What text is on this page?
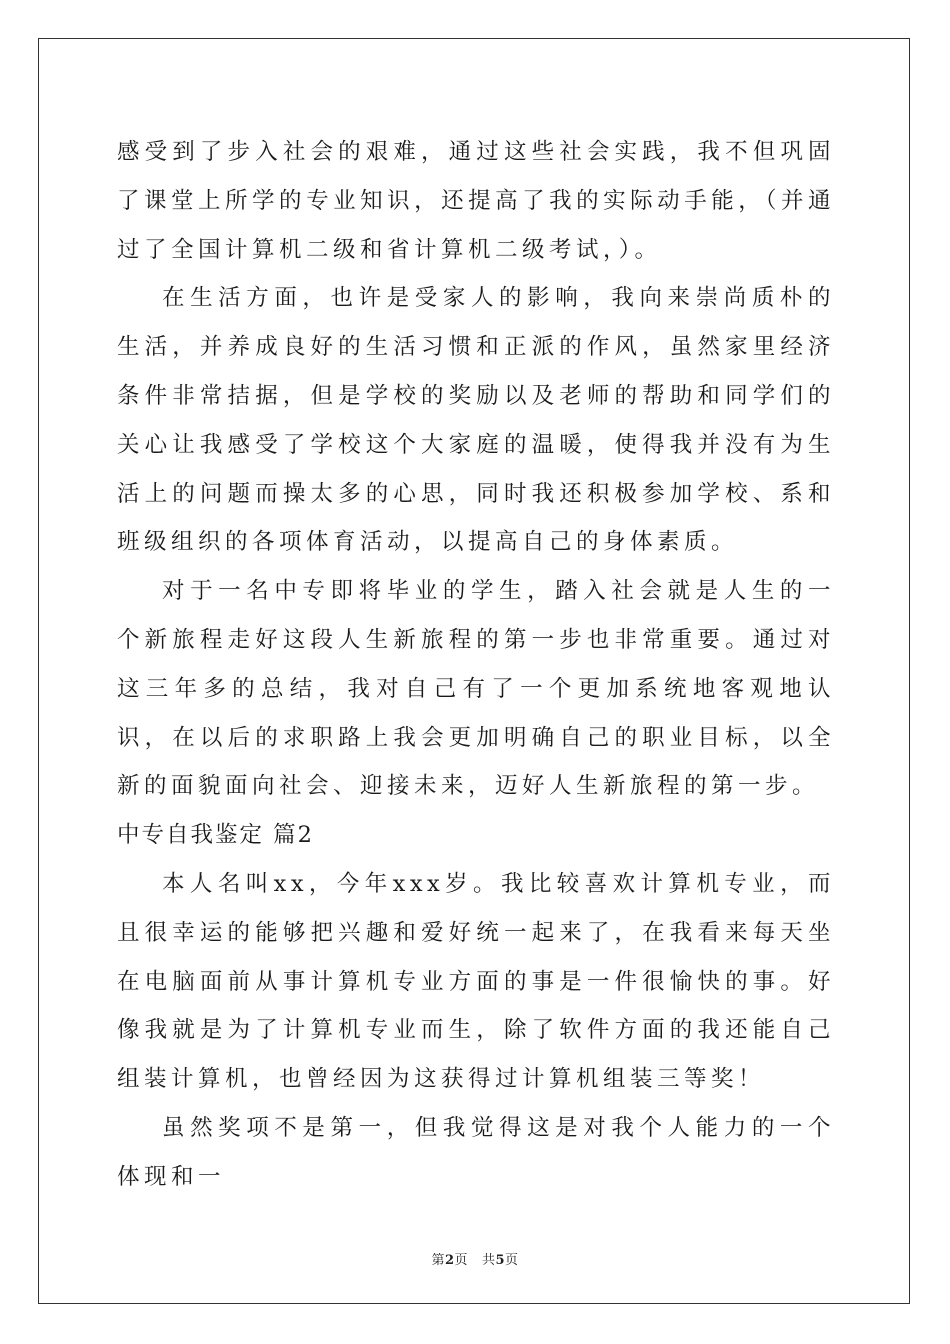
感受到了步入社会的艰难，通过这些社会实践，我不但巩固了课堂上所学的专业知识，还提高了我的实际动手能，（并通过了全国计算机二级和省计算机二级考试，）。

在生活方面，也许是受家人的影响，我向来崇尚质朴的生活，并养成良好的生活习惯和正派的作风，虽然家里经济条件非常拮据，但是学校的奖励以及老师的帮助和同学们的关心让我感受了学校这个大家庭的温暖，使得我并没有为生活上的问题而操太多的心思，同时我还积极参加学校、系和班级组织的各项体育活动，以提高自己的身体素质。

对于一名中专即将毕业的学生，踏入社会就是人生的一个新旅程走好这段人生新旅程的第一步也非常重要。通过对这三年多的总结，我对自己有了一个更加系统地客观地认识，在以后的求职路上我会更加明确自己的职业目标，以全新的面貌面向社会、迎接未来，迈好人生新旅程的第一步。

中专自我鉴定 篇2

本人名叫xx，今年xxx岁。我比较喜欢计算机专业，而且很幸运的能够把兴趣和爱好统一起来了，在我看来每天坐在电脑面前从事计算机专业方面的事是一件很愉快的事。好像我就是为了计算机专业而生，除了软件方面的我还能自己组装计算机，也曾经因为这获得过计算机组装三等奖！

虽然奖项不是第一，但我觉得这是对我个人能力的一个体现和一

第2页 共5页
